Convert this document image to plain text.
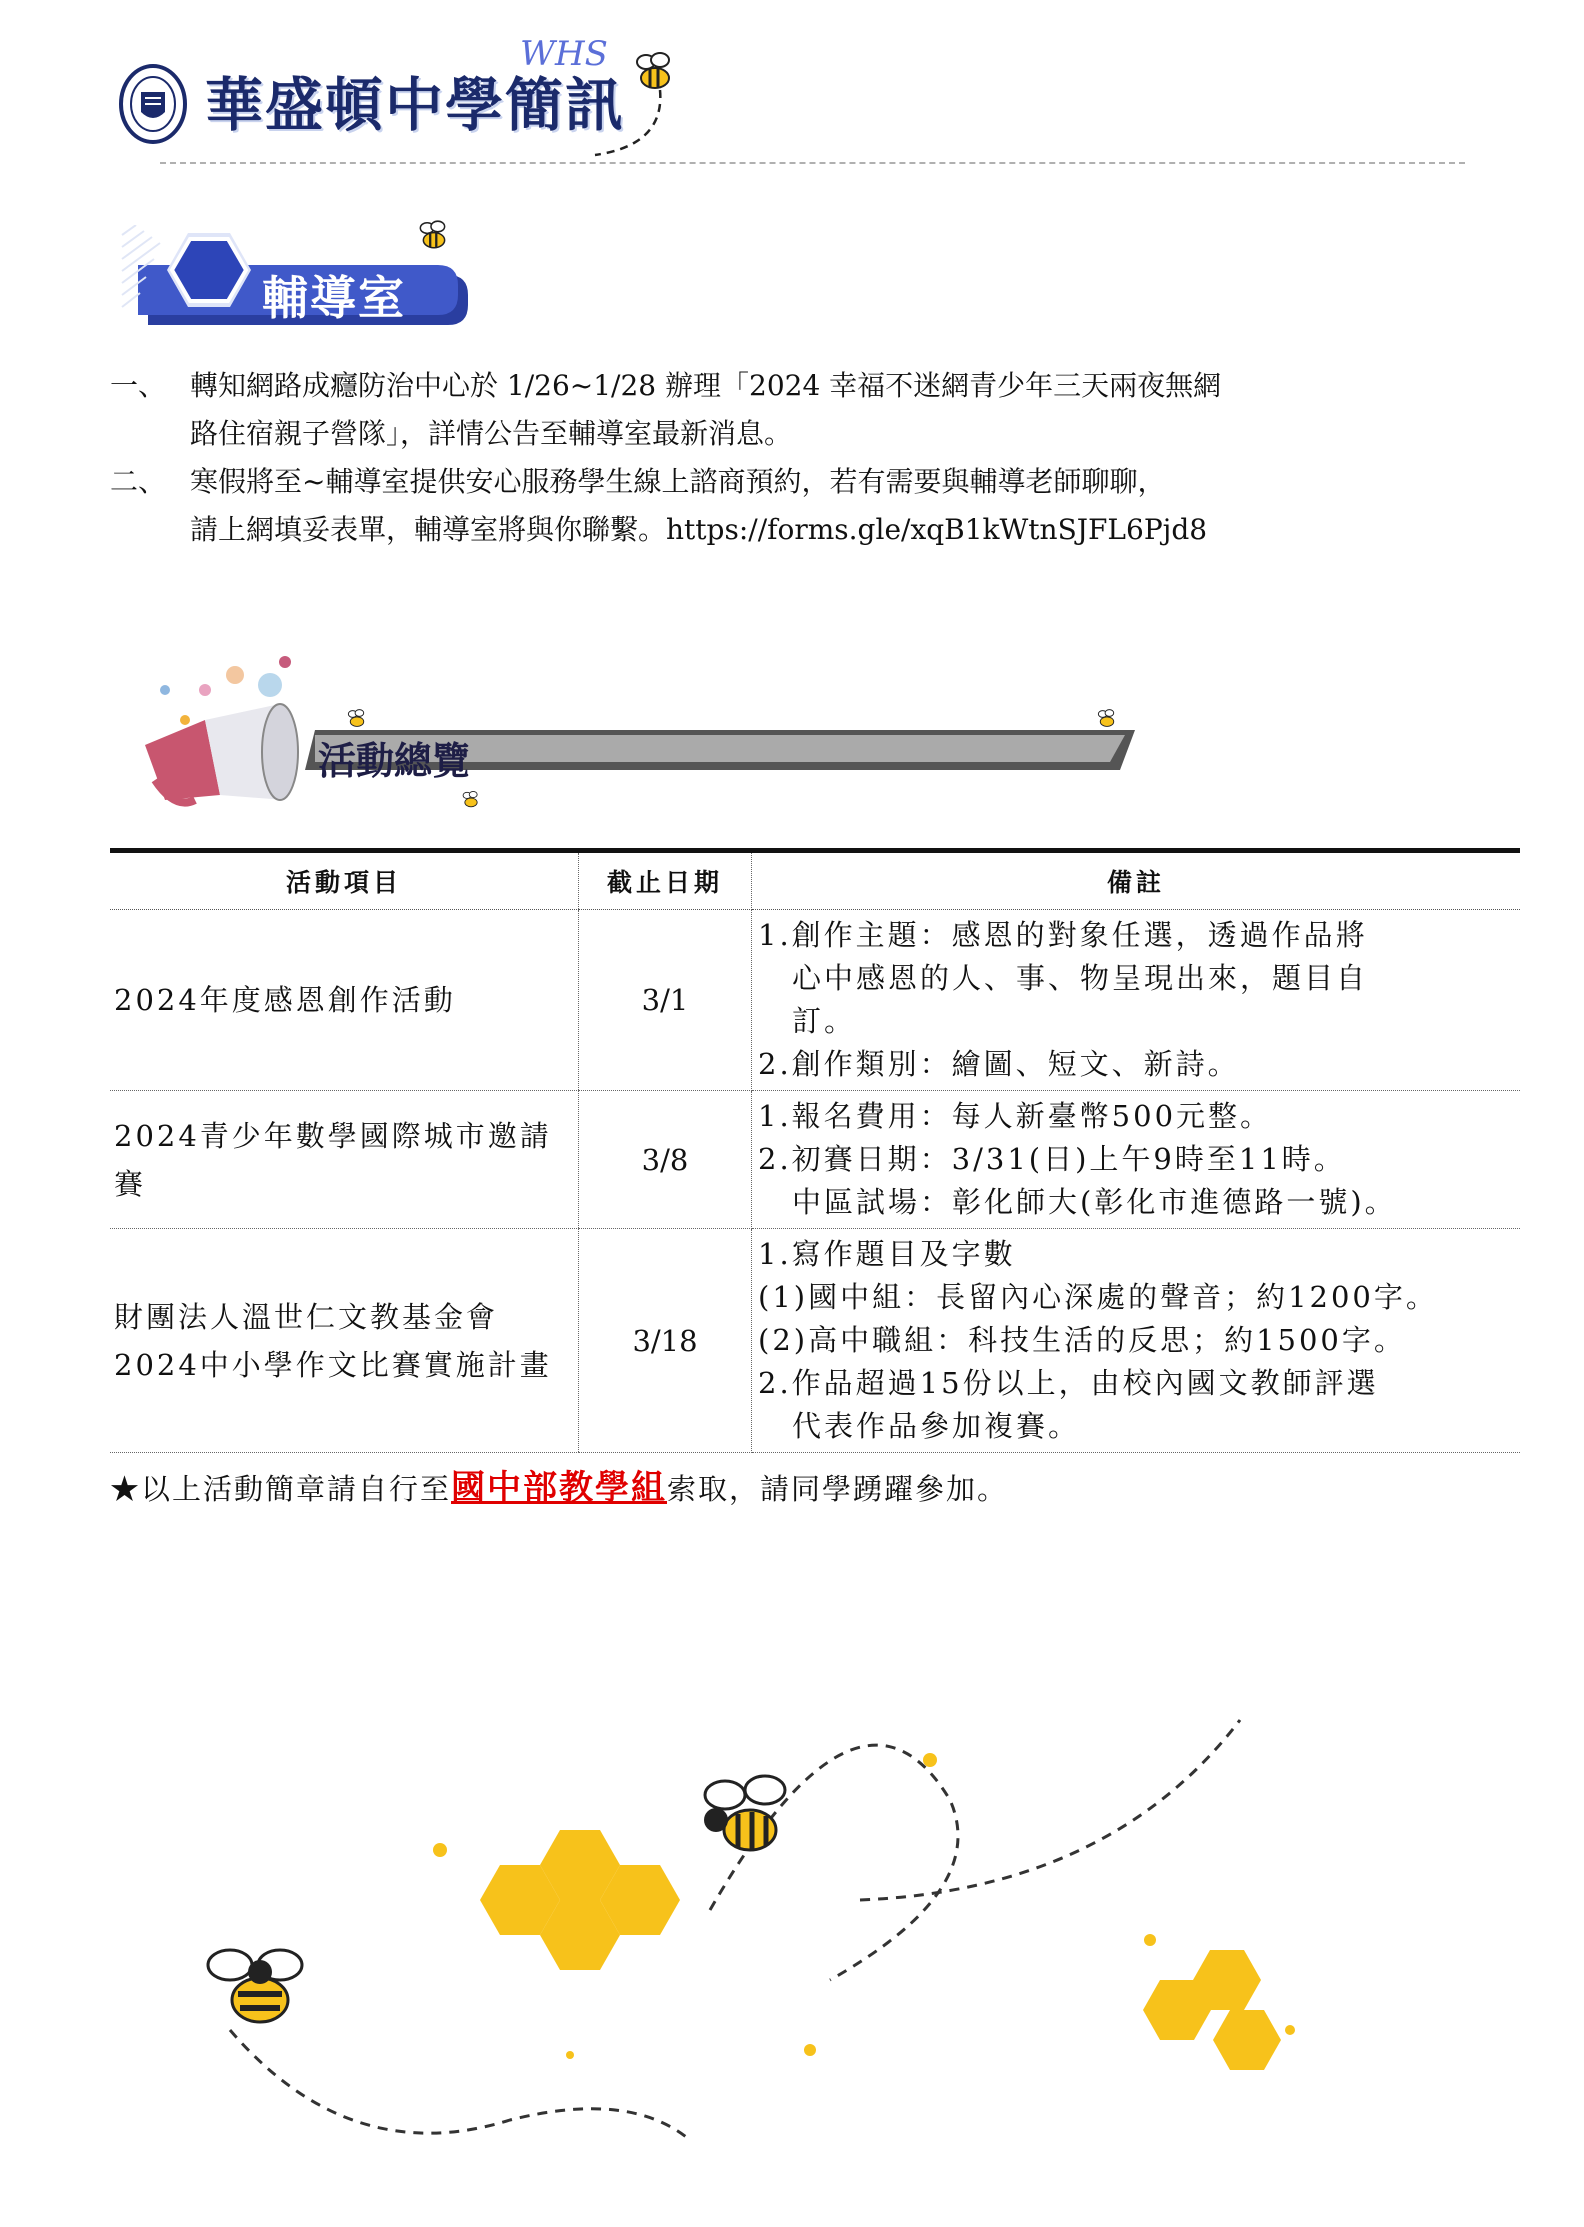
華盛頓中學簡訊
WHS
輔導室
一、 轉知網路成癮防治中心於 1/26~1/28 辦理「2024 幸福不迷網青少年三天兩夜無網
路住宿親子營隊」，詳情公告至輔導室最新消息。
二、 寒假將至~輔導室提供安心服務學生線上諮商預約，若有需要與輔導老師聊聊，
請上網填妥表單，輔導室將與你聯繫。https://forms.gle/xqB1kWtnSJFL6Pjd8
活動總覽
活動項目	截止日期	備註
2024年度感恩創作活動	3/1	1.創作主題：感恩的對象任選，透過作品將
心中感恩的人、事、物呈現出來，題目自
訂。
2.創作類別：繪圖、短文、新詩。

2024青少年數學國際城市邀請賽	3/8	1.報名費用：每人新臺幣500元整。
2.初賽日期：3/31(日)上午9時至11時。
中區試場：彰化師大(彰化市進德路一號)。

財團法人溫世仁文教基金會2024中小學作文比賽實施計畫	3/18	1.寫作題目及字數
(1)國中組：長留內心深處的聲音；約1200字。
(2)高中職組：科技生活的反思；約1500字。
2.作品超過15份以上，由校內國文教師評選
代表作品參加複賽。
★以上活動簡章請自行至國中部教學組索取，請同學踴躍參加。
